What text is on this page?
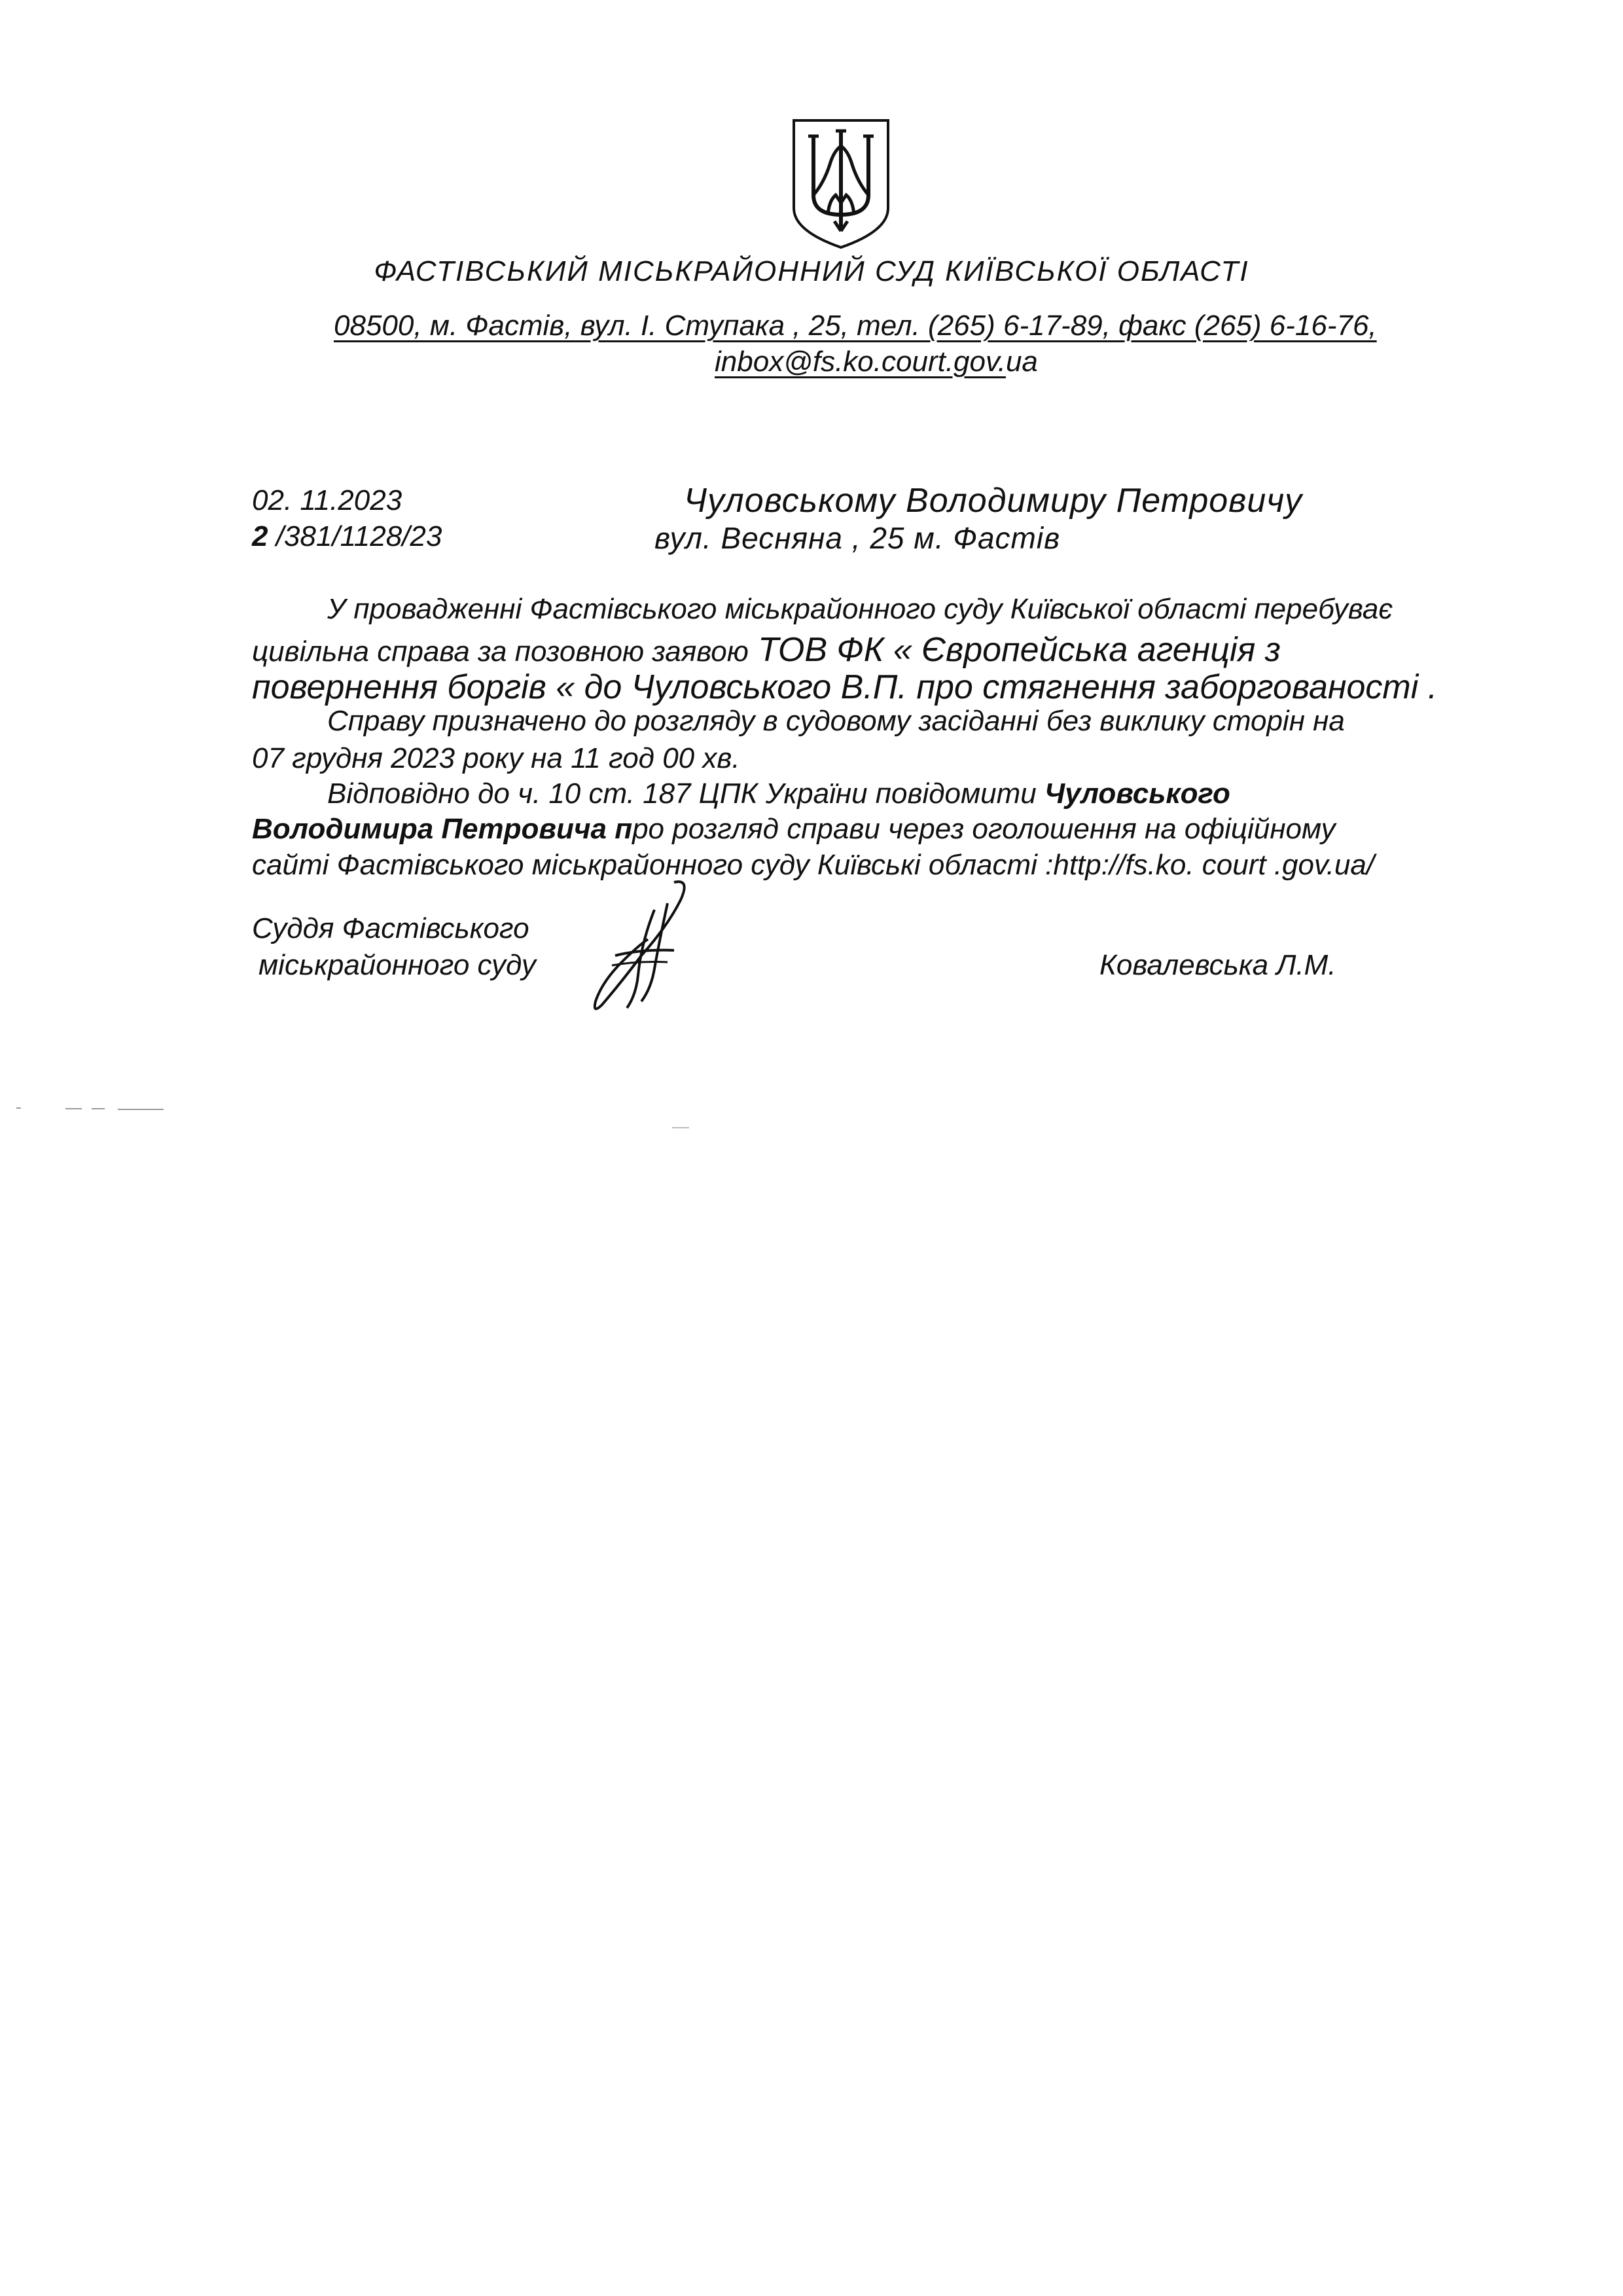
ФАСТІВСЬКИЙ МІСЬКРАЙОННИЙ СУД КИЇВСЬКОЇ ОБЛАСТІ
08500, м. Фастів, вул. І. Ступака , 25, тел. (265) 6-17-89, факс (265) 6-16-76,
inbox@fs.ko.court.gov.ua
02. 11.2023
2 /381/1128/23
Чуловському Володимиру Петровичу
вул. Весняна , 25 м. Фастів
У провадженні Фастівського міськрайонного суду Київської області перебуває
цивільна справа за позовною заявою ТОВ ФК « Європейська агенція з
повернення боргів « до Чуловського В.П. про стягнення заборгованості .
Справу призначено до розгляду в судовому засіданні без виклику сторін на
07 грудня 2023 року на 11 год 00 хв.
Відповідно до ч. 10 ст. 187 ЦПК України повідомити Чуловського
Володимира Петровича про розгляд справи через оголошення на офіційному
сайті Фастівського міськрайонного суду Київські області :http://fs.ko. court .gov.ua/
Суддя Фастівського
міськрайонного суду	Ковалевська Л.М.
